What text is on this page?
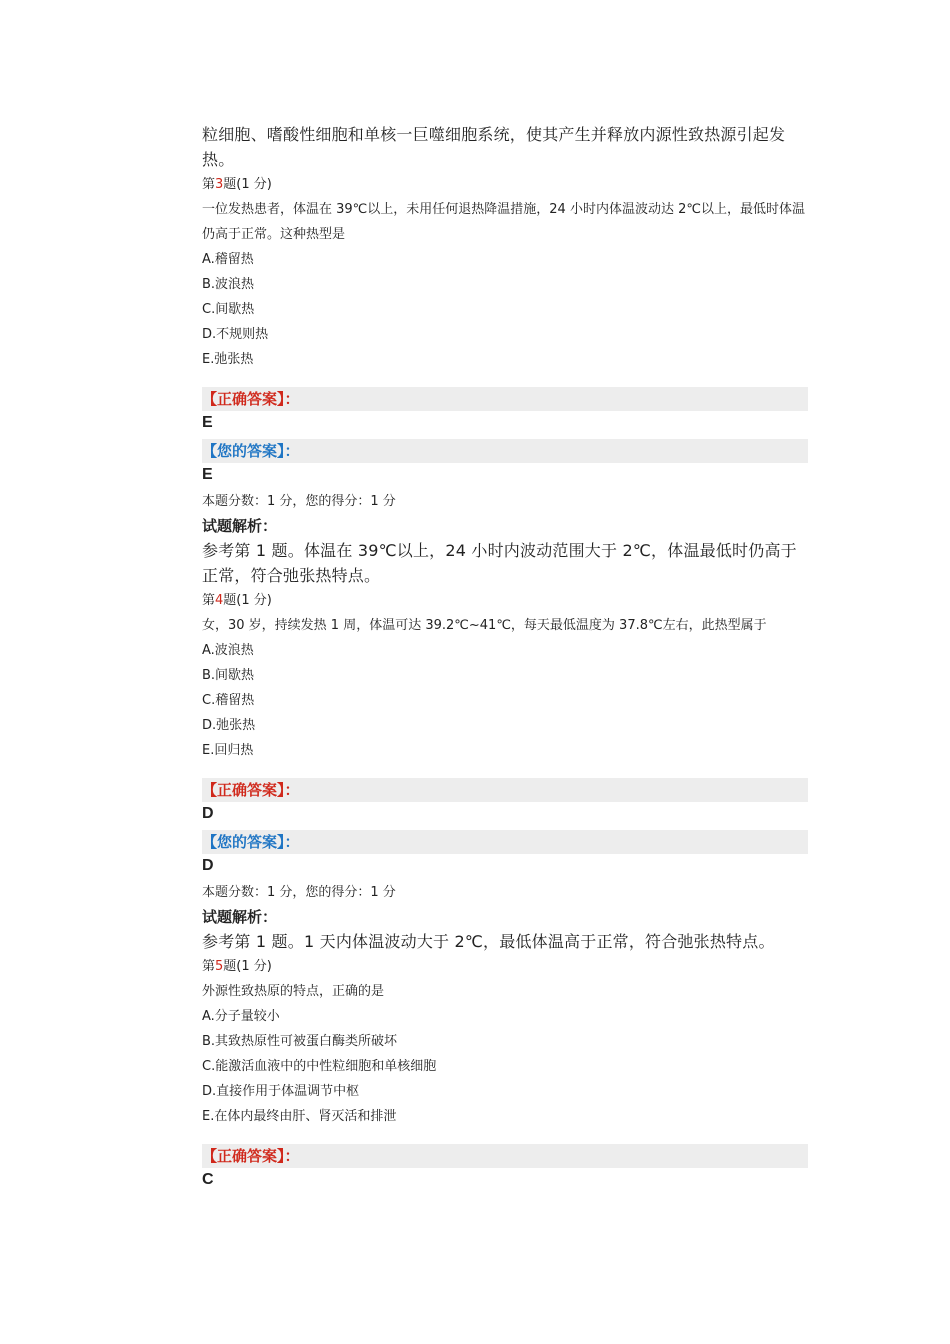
粒细胞、嗜酸性细胞和单核一巨噬细胞系统，使其产生并释放内源性致热源引起发热。
第3题(1 分)
一位发热患者，体温在 39℃以上，未用任何退热降温措施，24 小时内体温波动达 2℃以上，最低时体温仍高于正常。这种热型是
A.稽留热
B.波浪热
C.间歇热
D.不规则热
E.弛张热
【正确答案】：
E
【您的答案】：
E
本题分数：1 分，您的得分：1 分
试题解析：
参考第 1 题。体温在 39℃以上，24 小时内波动范围大于 2℃，体温最低时仍高于正常，符合弛张热特点。
第4题(1 分)
女，30 岁，持续发热 1 周，体温可达 39.2℃~41℃，每天最低温度为 37.8℃左右，此热型属于
A.波浪热
B.间歇热
C.稽留热
D.弛张热
E.回归热
【正确答案】：
D
【您的答案】：
D
本题分数：1 分，您的得分：1 分
试题解析：
参考第 1 题。1 天内体温波动大于 2℃，最低体温高于正常，符合弛张热特点。
第5题(1 分)
外源性致热原的特点，正确的是
A.分子量较小
B.其致热原性可被蛋白酶类所破坏
C.能激活血液中的中性粒细胞和单核细胞
D.直接作用于体温调节中枢
E.在体内最终由肝、肾灭活和排泄
【正确答案】：
C
